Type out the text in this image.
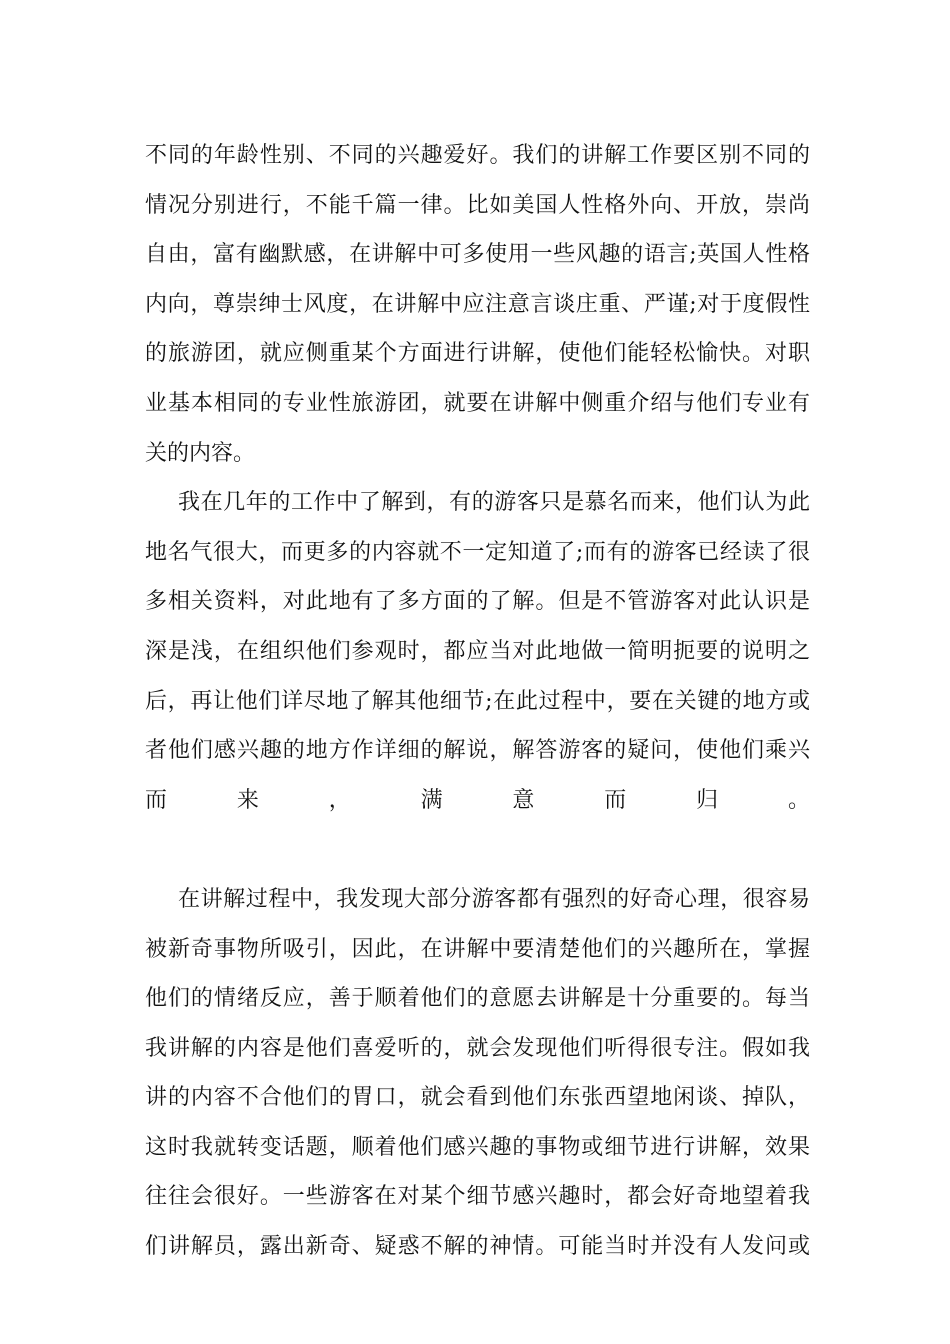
不同的年龄性别、不同的兴趣爱好。我们的讲解工作要区别不同的
情况分别进行，不能千篇一律。比如美国人性格外向、开放，崇尚
自由，富有幽默感，在讲解中可多使用一些风趣的语言;英国人性格
内向，尊崇绅士风度，在讲解中应注意言谈庄重、严谨;对于度假性
的旅游团，就应侧重某个方面进行讲解，使他们能轻松愉快。对职
业基本相同的专业性旅游团，就要在讲解中侧重介绍与他们专业有
关的内容。
我在几年的工作中了解到，有的游客只是慕名而来，他们认为此
地名气很大，而更多的内容就不一定知道了;而有的游客已经读了很
多相关资料，对此地有了多方面的了解。但是不管游客对此认识是
深是浅，在组织他们参观时，都应当对此地做一简明扼要的说明之
后，再让他们详尽地了解其他细节;在此过程中，要在关键的地方或
者他们感兴趣的地方作详细的解说，解答游客的疑问，使他们乘兴
而来，满意而归。
在讲解过程中，我发现大部分游客都有强烈的好奇心理，很容易
被新奇事物所吸引，因此，在讲解中要清楚他们的兴趣所在，掌握
他们的情绪反应，善于顺着他们的意愿去讲解是十分重要的。每当
我讲解的内容是他们喜爱听的，就会发现他们听得很专注。假如我
讲的内容不合他们的胃口，就会看到他们东张西望地闲谈、掉队，
这时我就转变话题，顺着他们感兴趣的事物或细节进行讲解，效果
往往会很好。一些游客在对某个细节感兴趣时，都会好奇地望着我
们讲解员，露出新奇、疑惑不解的神情。可能当时并没有人发问或
